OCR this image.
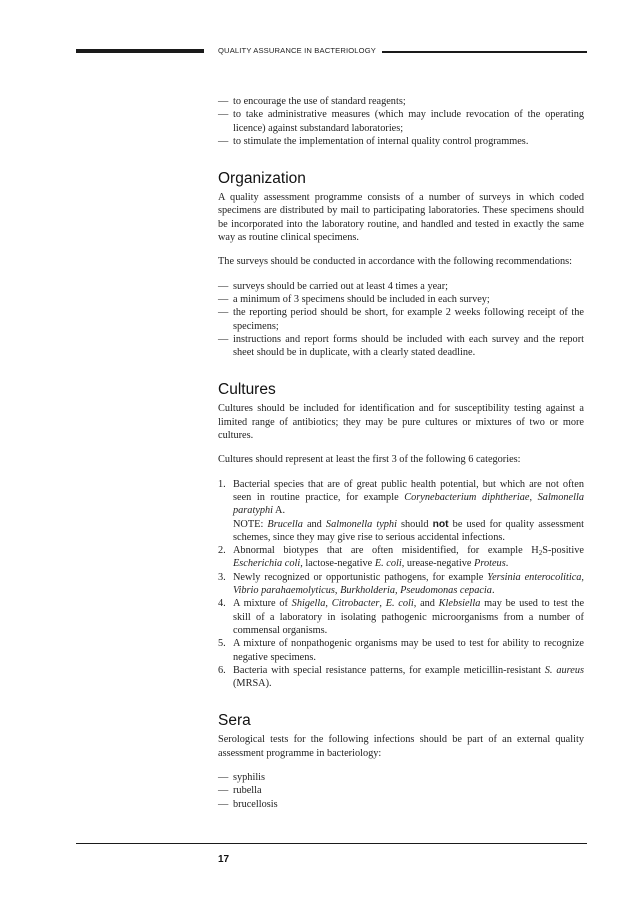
QUALITY ASSURANCE IN BACTERIOLOGY
— to encourage the use of standard reagents;
— to take administrative measures (which may include revocation of the operating licence) against substandard laboratories;
— to stimulate the implementation of internal quality control programmes.
Organization

A quality assessment programme consists of a number of surveys in which coded specimens are distributed by mail to participating laboratories. These specimens should be incorporated into the laboratory routine, and handled and tested in exactly the same way as routine clinical specimens.

The surveys should be conducted in accordance with the following recommendations:

— surveys should be carried out at least 4 times a year;
— a minimum of 3 specimens should be included in each survey;
— the reporting period should be short, for example 2 weeks following receipt of the specimens;
— instructions and report forms should be included with each survey and the report sheet should be in duplicate, with a clearly stated deadline.
Cultures

Cultures should be included for identification and for susceptibility testing against a limited range of antibiotics; they may be pure cultures or mixtures of two or more cultures.

Cultures should represent at least the first 3 of the following 6 categories:

1. Bacterial species that are of great public health potential, but which are not often seen in routine practice, for example Corynebacterium diphtheriae, Salmonella paratyphi A.
NOTE: Brucella and Salmonella typhi should not be used for quality assessment schemes, since they may give rise to serious accidental infections.
2. Abnormal biotypes that are often misidentified, for example $H_2S$-positive Escherichia coli, lactose-negative E. coli, urease-negative Proteus.
3. Newly recognized or opportunistic pathogens, for example Yersinia enterocolitica, Vibrio parahaemolyticus, Burkholderia, Pseudomonas cepacia.
4. A mixture of Shigella, Citrobacter, E. coli, and Klebsiella may be used to test the skill of a laboratory in isolating pathogenic microorganisms from a number of commensal organisms.
5. A mixture of nonpathogenic organisms may be used to test for ability to recognize negative specimens.
6. Bacteria with special resistance patterns, for example meticillin-resistant S. aureus (MRSA).
Sera

Serological tests for the following infections should be part of an external quality assessment programme in bacteriology:

— syphilis
— rubella
— brucellosis
17
